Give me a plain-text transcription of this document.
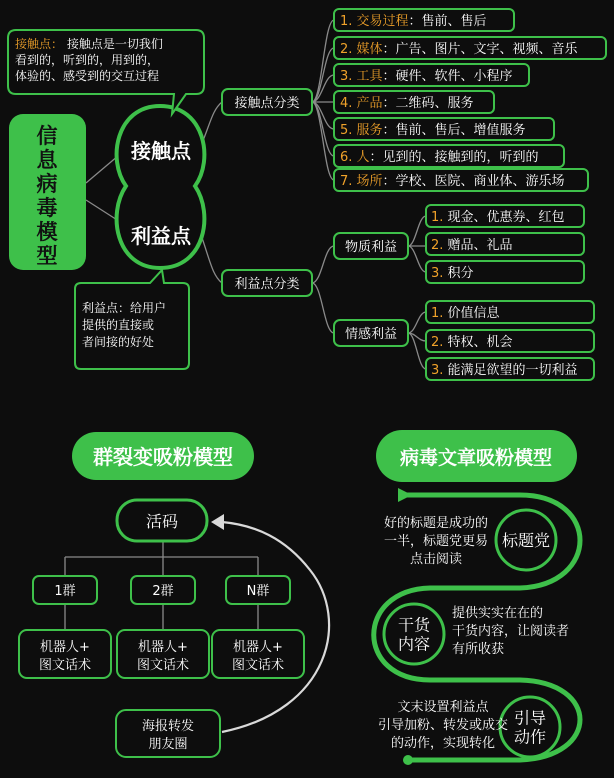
信息病毒模型
接触点
利益点
接触点： 接触点是一切我们
看到的，听到的，用到的，
体验的、感受到的交互过程
利益点：给用户
提供的直接或
者间接的好处
接触点分类
利益点分类
1. 交易过程：售前、售后
2. 媒体：广告、图片、文字、视频、音乐
3. 工具：硬件、软件、小程序
4. 产品：二维码、服务
5. 服务：售前、售后、增值服务
6. 人：见到的、接触到的，听到的
7. 场所：学校、医院、商业体、游乐场
物质利益
情感利益
1. 现金、优惠券、红包
2. 赠品、礼品
3. 积分
1. 价值信息
2. 特权、机会
3. 能满足欲望的一切利益
群裂变吸粉模型
活码
1群
机器人+
图文话术
2群
机器人+
图文话术
N群
机器人+
图文话术
海报转发
朋友圈
病毒文章吸粉模型
标题党
好的标题是成功的
一半，标题党更易
点击阅读
干货
内容
提供实实在在的
干货内容，让阅读者
有所收获
引导
动作
文末设置利益点
引导加粉、转发或成交
的动作，实现转化
